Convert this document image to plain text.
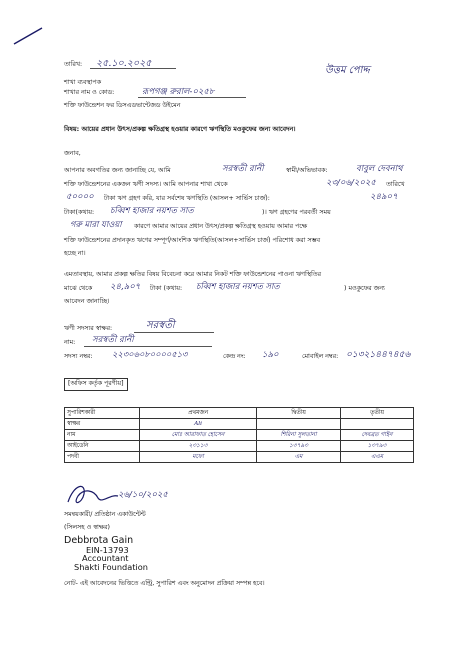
উত্তম পোদ্দ
তারিখ: ২৫.১০.২০২৫
শাখা ব্যবস্থাপক
শাখার নাম ও কোড:	রূপগঞ্জ রুরাল-০২৫৮
শক্তি ফাউন্ডেশন ফর ডিসএডভান্টেজড উইমেন
বিষয়: আয়ের প্রধান উৎস/প্রকল্প ক্ষতিগ্রস্থ হওয়ার কারণে ঋণস্থিতি মওকুফের জন্য আবেদন।
জনাব,
আপনার অবগতির জন্য জানাচ্ছি যে, আমি	সরস্বতী রানী	স্বামী/অভিভাবক:	বাবুল দেবনাথ
শক্তি ফাউন্ডেশনের একজন ঋণী সদস্য। আমি আপনার শাখা থেকে	২৩/০৬/২০২৫ তারিখে
৫০০০০ টাকা ঋণ গ্রহণ করি, যার সর্বশেষ ঋণস্থিতি (আসল+ সার্ভিস চার্জ):	২৪৯০৭
টাকা(কথায়: চব্বিশ হাজার নয়শত সাত	)। ঋণ গ্রহণের পরবর্তী সময়
গরু মারা যাওয়া কারণে আমার আয়ের প্রধান উৎস/প্রকল্প ক্ষতিগ্রস্থ হওয়ায় আমার পক্ষে
শক্তি ফাউন্ডেশনের প্রদানকৃত ঋণের সম্পূর্ণ/আংশিক ঋণস্থিতি(আসল+সার্ভিস চার্জ) পরিশোধ করা সম্ভব
হচ্ছে না।
এমতাবস্থায়, আমার প্রকল্প ক্ষতির বিষয় বিবেচনা করে আমার নিকট শক্তি ফাউন্ডেশনের পাওনা ঋণস্থিতির
মাঝে থেকে ২৪,৯০৭ টাকা (কথায়: চব্বিশ হাজার নয়শত সাত	) মওকুফের জন্য
আবেদন জানাচ্ছি।
ঋণী সদস্যর স্বাক্ষর:	সরস্বতী
নাম: সরস্বতী রানী
সদস্য নম্বর: ২২৩০৬০৮০০০০৫১৩	কেন্দ্র নং: ১৯০	মোবাইল নম্বর: ০১৩২১৪৪৭৪৫৬
[অফিস কর্তৃক পূরণীয়]
সুপারিশকারী	প্রথমজন	দ্বিতীয়	তৃতীয়
স্বাক্ষর	Ali		
নাম	মোঃ আরাফাত হোসেন	শিরিনা সুলতানা	দেবব্রত গাইন
আইডেনি	২৩১১৩	১৩৭৯৩	১৩৭৯৩
পদবী	মফো	এম	এএম
২৬/১০/২০২৫
সমন্বয়কারী/ প্রতিষ্ঠান একাউন্টেন্ট
(সিলসহ ও স্বাক্ষর)
Debbrota Gain
EIN-13793
Accountant
Shakti Foundation
নোট- এই আবেদনের ভিত্তিতে এন্ট্রি, সুপারিশ এবং অনুমোদন প্রক্রিয়া সম্পন্ন হবে।
